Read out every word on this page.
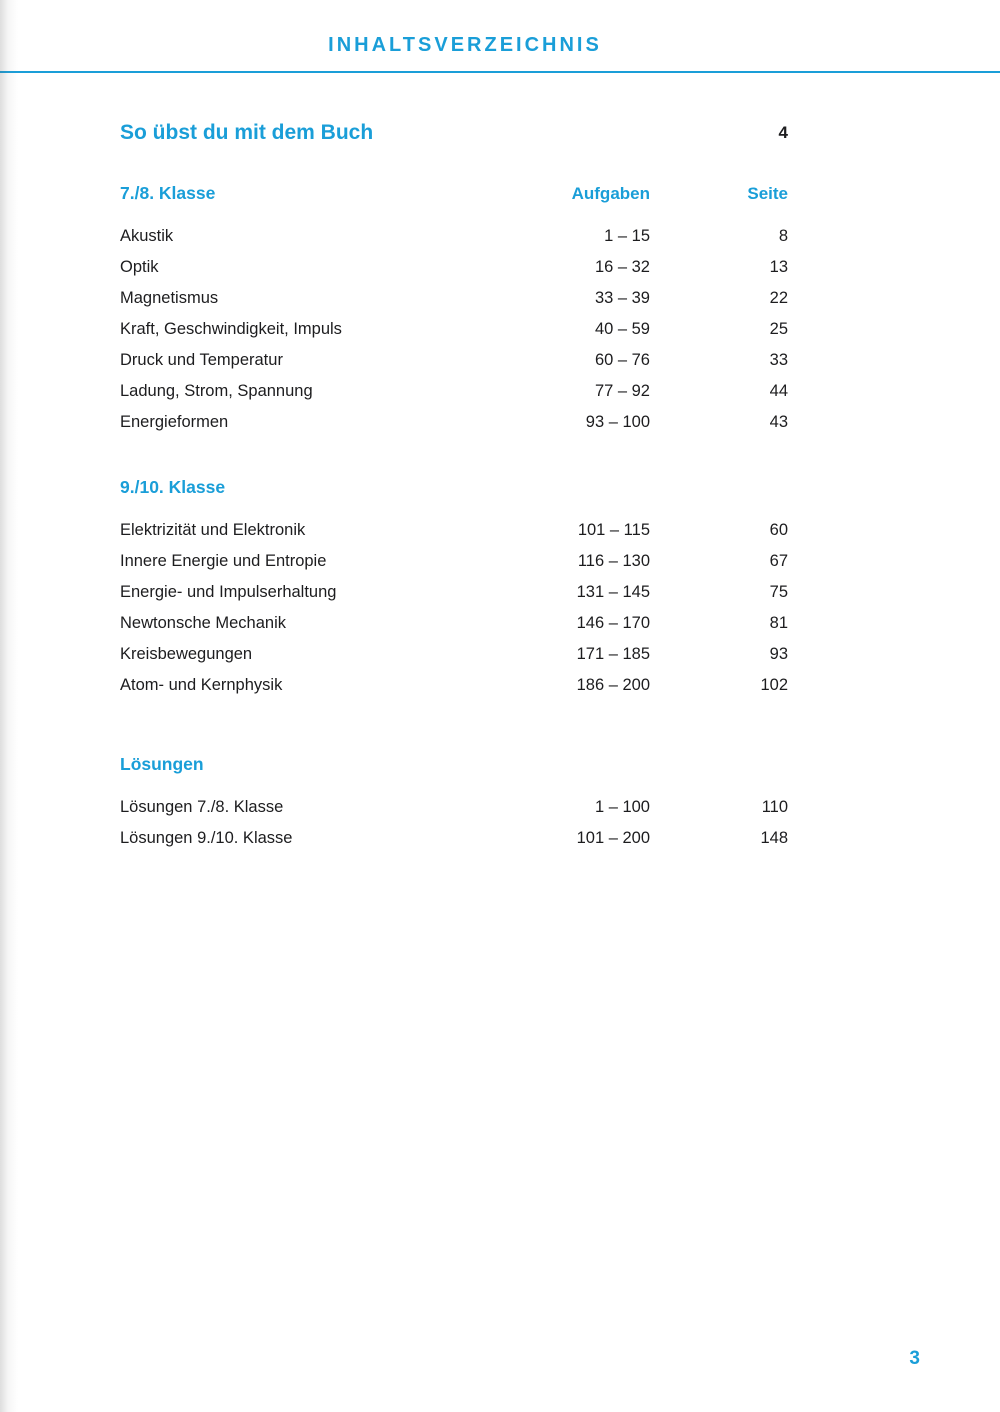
INHALTSVERZEICHNIS
So übst du mit dem Buch	4
7./8. Klasse	Aufgaben	Seite
Akustik	1 – 15	8
Optik	16 – 32	13
Magnetismus	33 – 39	22
Kraft, Geschwindigkeit, Impuls	40 – 59	25
Druck und Temperatur	60 – 76	33
Ladung, Strom, Spannung	77 – 92	44
Energieformen	93 – 100	43
9./10. Klasse
Elektrizität und Elektronik	101 – 115	60
Innere Energie und Entropie	116 – 130	67
Energie- und Impulserhaltung	131 – 145	75
Newtonsche Mechanik	146 – 170	81
Kreisbewegungen	171 – 185	93
Atom- und Kernphysik	186 – 200	102
Lösungen
Lösungen 7./8. Klasse	1 – 100	110
Lösungen 9./10. Klasse	101 – 200	148
3
